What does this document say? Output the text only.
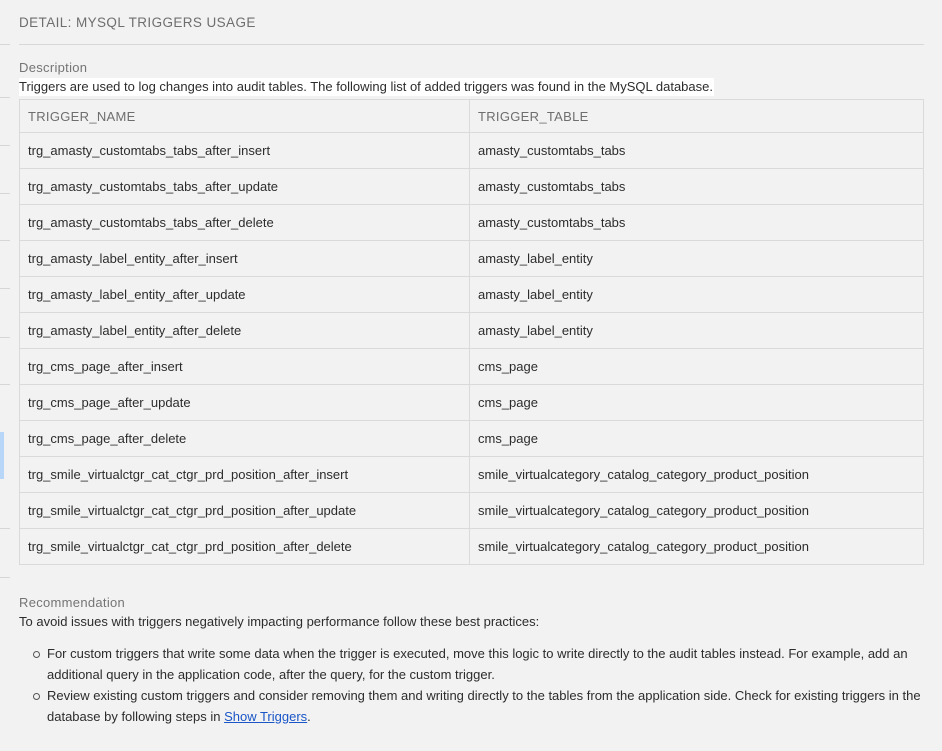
DETAIL: MYSQL TRIGGERS USAGE
Description
Triggers are used to log changes into audit tables. The following list of added triggers was found in the MySQL database.
TRIGGER_NAME	TRIGGER_TABLE
trg_amasty_customtabs_tabs_after_insert	amasty_customtabs_tabs
trg_amasty_customtabs_tabs_after_update	amasty_customtabs_tabs
trg_amasty_customtabs_tabs_after_delete	amasty_customtabs_tabs
trg_amasty_label_entity_after_insert	amasty_label_entity
trg_amasty_label_entity_after_update	amasty_label_entity
trg_amasty_label_entity_after_delete	amasty_label_entity
trg_cms_page_after_insert	cms_page
trg_cms_page_after_update	cms_page
trg_cms_page_after_delete	cms_page
trg_smile_virtualctgr_cat_ctgr_prd_position_after_insert	smile_virtualcategory_catalog_category_product_position
trg_smile_virtualctgr_cat_ctgr_prd_position_after_update	smile_virtualcategory_catalog_category_product_position
trg_smile_virtualctgr_cat_ctgr_prd_position_after_delete	smile_virtualcategory_catalog_category_product_position
Recommendation
To avoid issues with triggers negatively impacting performance follow these best practices:
For custom triggers that write some data when the trigger is executed, move this logic to write directly to the audit tables instead. For example, add an additional query in the application code, after the query, for the custom trigger.
Review existing custom triggers and consider removing them and writing directly to the tables from the application side. Check for existing triggers in the database by following steps in Show Triggers.
